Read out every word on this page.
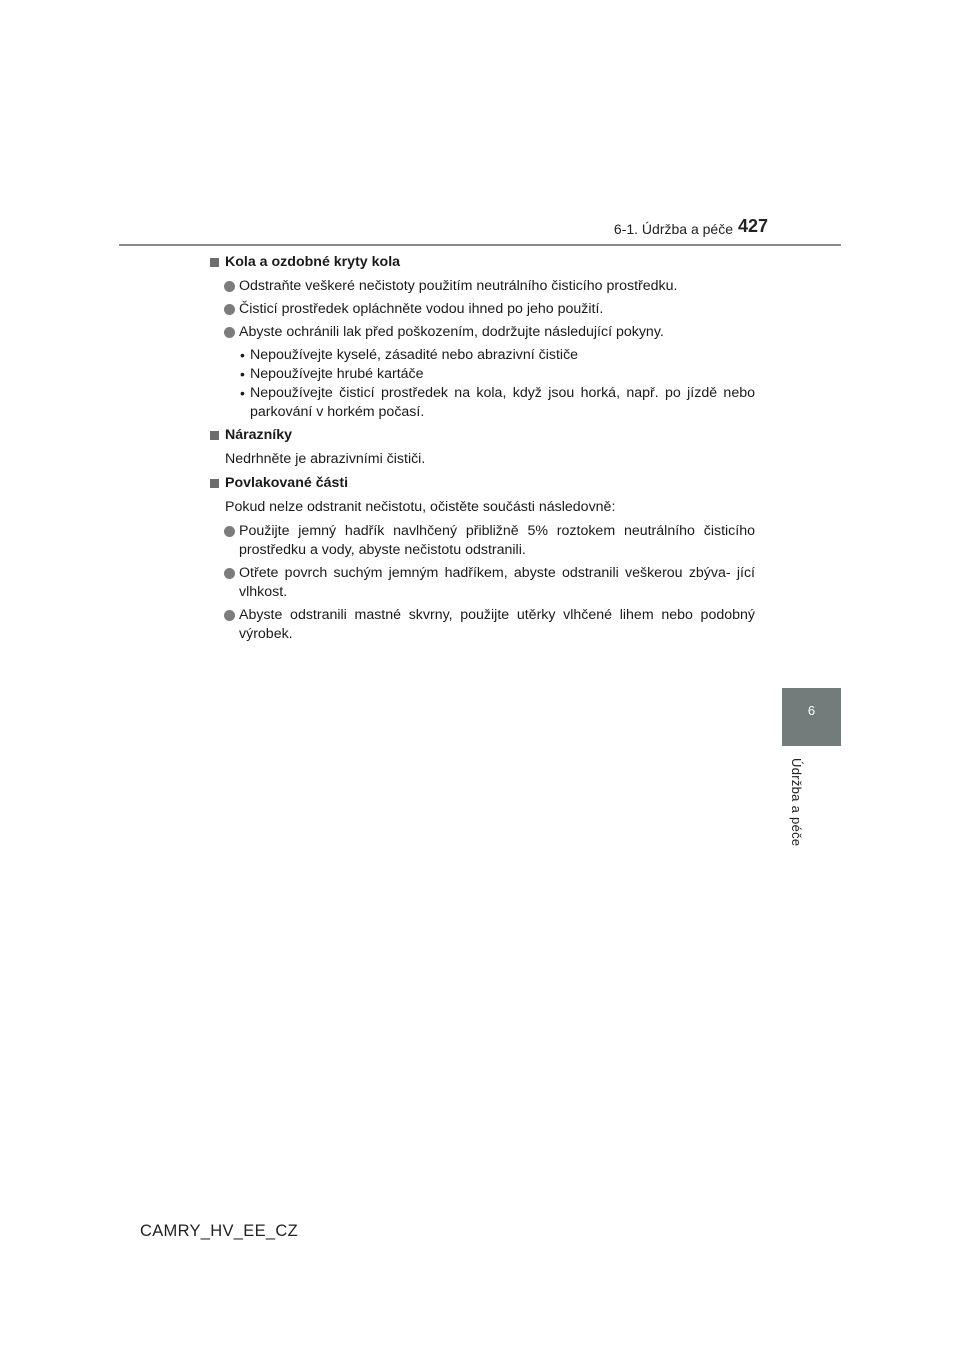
6-1. Údržba a péče 427
6
Údržba a péče
Kola a ozdobné kryty kola
Odstraňte veškeré nečistoty použitím neutrálního čisticího prostředku.
Čisticí prostředek opláchněte vodou ihned po jeho použití.
Abyste ochránili lak před poškozením, dodržujte následující pokyny.
• Nepoužívejte kyselé, zásadité nebo abrazivní čističe
• Nepoužívejte hrubé kartáče
• Nepoužívejte čisticí prostředek na kola, když jsou horká, např. po jízdě nebo parkování v horkém počasí.
Nárazníky
Nedrhněte je abrazivními čističi.
Povlakované části
Pokud nelze odstranit nečistotu, očistěte součásti následovně:
Použijte jemný hadřík navlhčený přibližně 5% roztokem neutrálního čisticího prostředku a vody, abyste nečistotu odstranili.
Otřete povrch suchým jemným hadříkem, abyste odstranili veškerou zbýva- jící vlhkost.
Abyste odstranili mastné skvrny, použijte utěrky vlhčené lihem nebo podobný výrobek.
CAMRY_HV_EE_CZ
